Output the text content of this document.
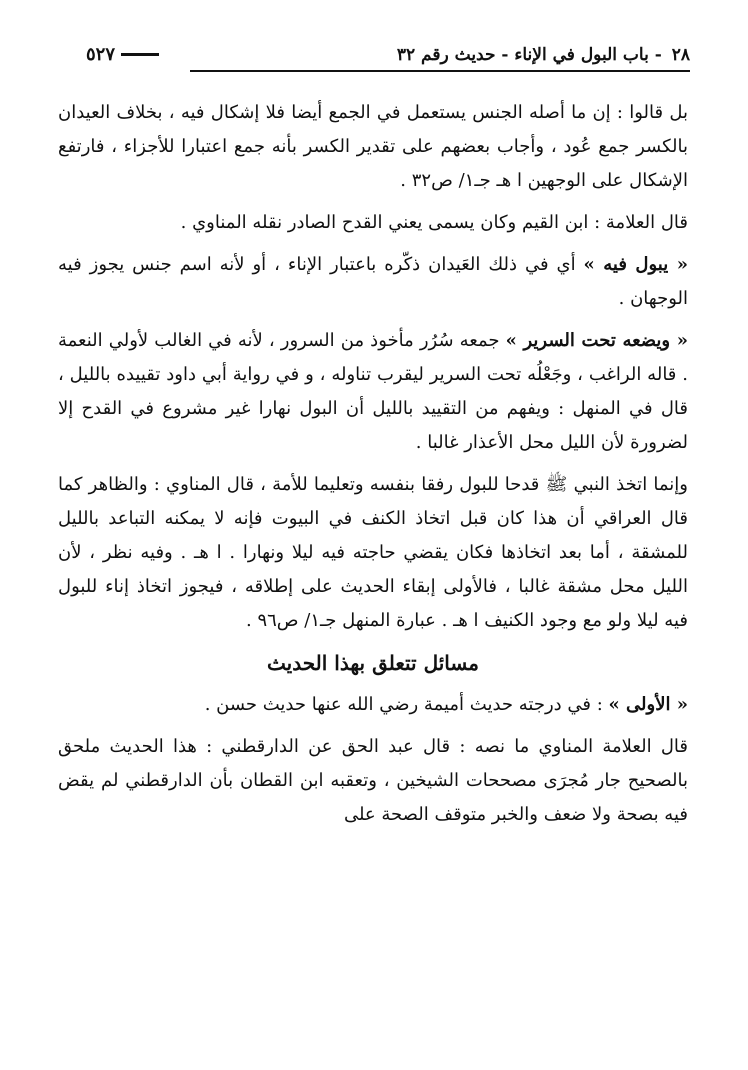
٢٨ - باب البول في الإناء - حديث رقم ٣٢
٥٢٧

بل قالوا : إن ما أصله الجنس يستعمل في الجمع أيضا فلا إشكال فيه ، بخلاف العيدان بالكسر جمع عُود ، وأجاب بعضهم على تقدير الكسر بأنه جمع اعتبارا للأجزاء ، فارتفع الإشكال على الوجهين ا هـ جـ١/ ص٣٢ .

قال العلامة : ابن القيم وكان يسمى يعني القدح الصادر نقله المناوي .

« يبول فيه » أي في ذلك العَيدان ذكّره باعتبار الإناء ، أو لأنه اسم جنس يجوز فيه الوجهان .

« ويضعه تحت السرير » جمعه سُرُر مأخوذ من السرور ، لأنه في الغالب لأولي النعمة . قاله الراغب ، وجَعْلُه تحت السرير ليقرب تناوله ، و في رواية أبي داود تقييده بالليل ، قال في المنهل : ويفهم من التقييد بالليل أن البول نهارا غير مشروع في القدح إلا لضرورة لأن الليل محل الأعذار غالبا .

وإنما اتخذ النبي ﷺ قدحا للبول رفقا بنفسه وتعليما للأمة ، قال المناوي : والظاهر كما قال العراقي أن هذا كان قبل اتخاذ الكنف في البيوت فإنه لا يمكنه التباعد بالليل للمشقة ، أما بعد اتخاذها فكان يقضي حاجته فيه ليلا ونهارا . ا هـ . وفيه نظر ، لأن الليل محل مشقة غالبا ، فالأولى إبقاء الحديث على إطلاقه ، فيجوز اتخاذ إناء للبول فيه ليلا ولو مع وجود الكنيف ا هـ . عبارة المنهل جـ١/ ص٩٦ .

مسائل تتعلق بهذا الحديث

« الأولى » : في درجته حديث أميمة رضي الله عنها حديث حسن .

قال العلامة المناوي ما نصه : قال عبد الحق عن الدارقطني : هذا الحديث ملحق بالصحيح جار مُجرَى مصححات الشيخين ، وتعقبه ابن القطان بأن الدارقطني لم يقض فيه بصحة ولا ضعف والخبر متوقف الصحة على
